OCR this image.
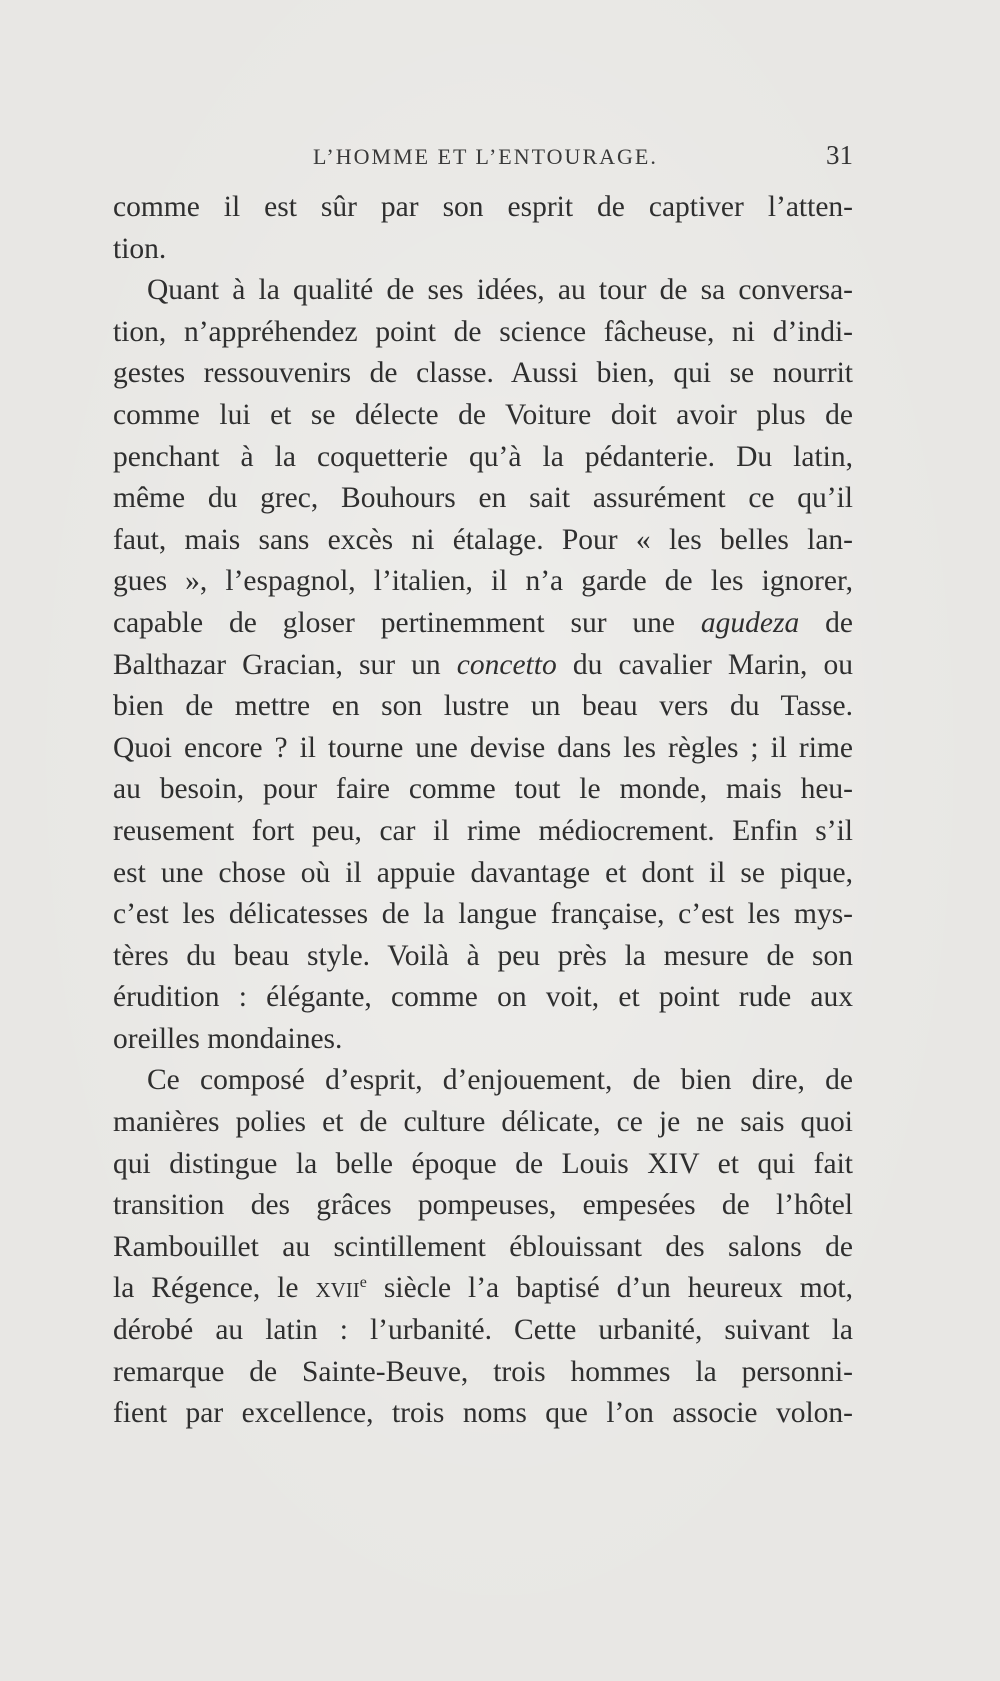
L’HOMME ET L’ENTOURAGE.	31
comme il est sûr par son esprit de captiver l’atten-
tion.
Quant à la qualité de ses idées, au tour de sa conversa-
tion, n’appréhendez point de science fâcheuse, ni d’indi-
gestes ressouvenirs de classe. Aussi bien, qui se nourrit
comme lui et se délecte de Voiture doit avoir plus de
penchant à la coquetterie qu’à la pédanterie. Du latin,
même du grec, Bouhours en sait assurément ce qu’il
faut, mais sans excès ni étalage. Pour « les belles lan-
gues », l’espagnol, l’italien, il n’a garde de les ignorer,
capable de gloser pertinemment sur une agudeza de
Balthazar Gracian, sur un concetto du cavalier Marin, ou
bien de mettre en son lustre un beau vers du Tasse.
Quoi encore ? il tourne une devise dans les règles ; il rime
au besoin, pour faire comme tout le monde, mais heu-
reusement fort peu, car il rime médiocrement. Enfin s’il
est une chose où il appuie davantage et dont il se pique,
c’est les délicatesses de la langue française, c’est les mys-
tères du beau style. Voilà à peu près la mesure de son
érudition : élégante, comme on voit, et point rude aux
oreilles mondaines.
Ce composé d’esprit, d’enjouement, de bien dire, de
manières polies et de culture délicate, ce je ne sais quoi
qui distingue la belle époque de Louis XIV et qui fait
transition des grâces pompeuses, empesées de l’hôtel
Rambouillet au scintillement éblouissant des salons de
la Régence, le xvii$^e$ siècle l’a baptisé d’un heureux mot,
dérobé au latin : l’urbanité. Cette urbanité, suivant la
remarque de Sainte-Beuve, trois hommes la personni-
fient par excellence, trois noms que l’on associe volon-
